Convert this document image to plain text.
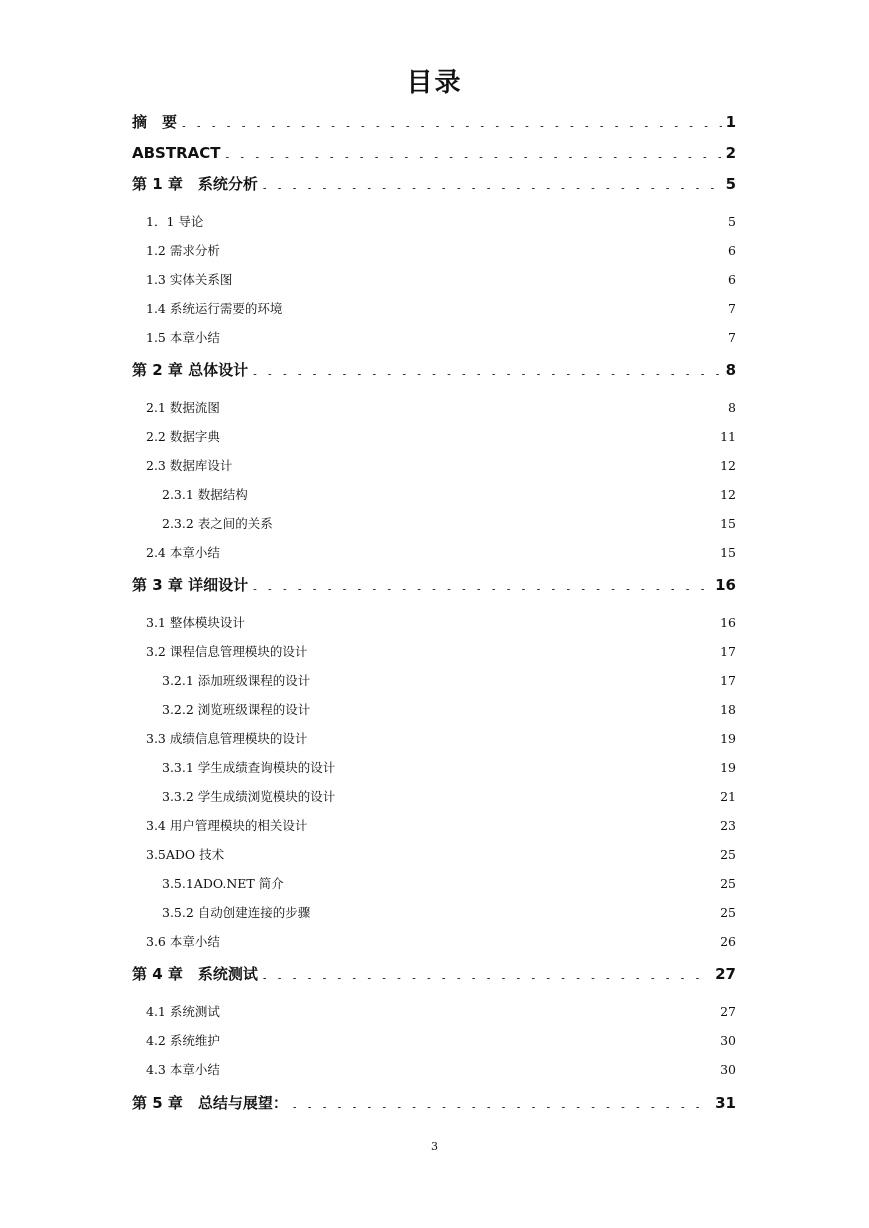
目录
摘　要 . . .	1
ABSTRACT . . .	2
第 1 章　系统分析 . . .	5
1．1 导论 . . .	5
1.2 需求分析 . . .	6
1.3 实体关系图 . . .	6
1.4 系统运行需要的环境 . . .	7
1.5 本章小结 . . .	7
第 2 章 总体设计 . . .	8
2.1 数据流图 . . .	8
2.2 数据字典 . . .	11
2.3 数据库设计 . . .	12
2.3.1 数据结构 . . .	12
2.3.2 表之间的关系 . . .	15
2.4 本章小结 . . .	15
第 3 章 详细设计 . . .	16
3.1 整体模块设计 . . .	16
3.2 课程信息管理模块的设计 . . .	17
3.2.1 添加班级课程的设计 . . .	17
3.2.2 浏览班级课程的设计 . . .	18
3.3 成绩信息管理模块的设计 . . .	19
3.3.1 学生成绩查询模块的设计 . . .	19
3.3.2 学生成绩浏览模块的设计 . . .	21
3.4 用户管理模块的相关设计 . . .	23
3.5ADO 技术 . . .	25
3.5.1ADO.NET 简介 . . .	25
3.5.2 自动创建连接的步骤 . . .	25
3.6 本章小结 . . .	26
第 4 章　系统测试 . . .	27
4.1 系统测试 . . .	27
4.2 系统维护 . . .	30
4.3 本章小结 . . .	30
第 5 章　总结与展望： . . .	31
3
